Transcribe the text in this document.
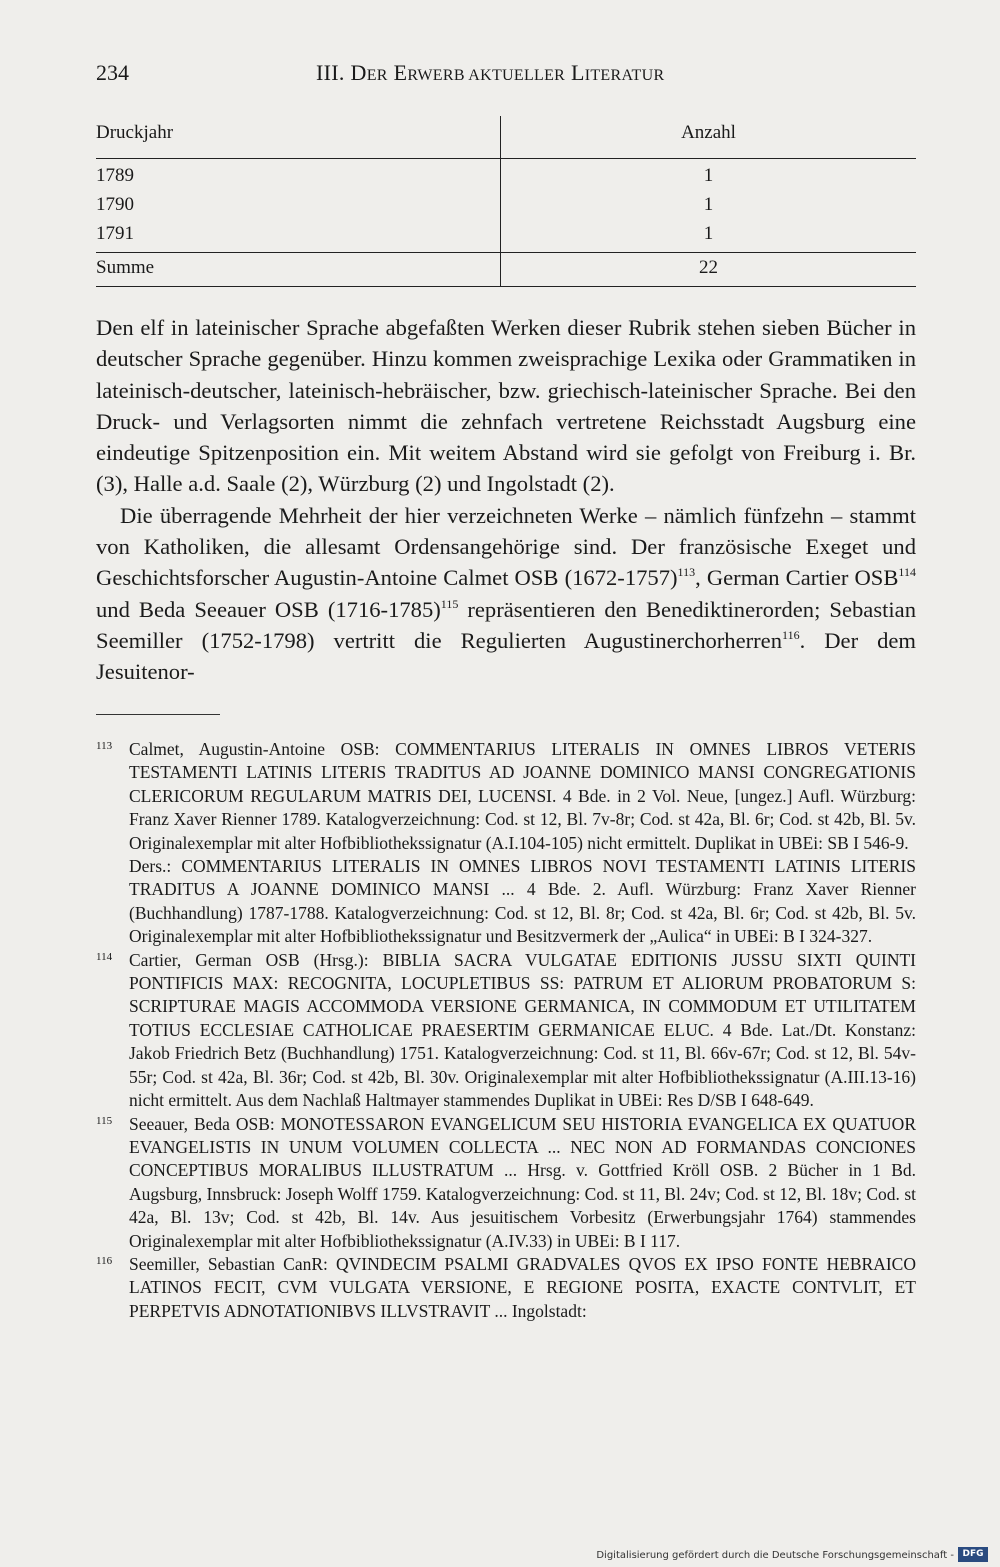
234	III. DER ERWERB AKTUELLER LITERATUR
Druckjahr	Anzahl
1789	1
1790	1
1791	1
Summe	22

Den elf in lateinischer Sprache abgefaßten Werken dieser Rubrik stehen sieben Bücher in deutscher Sprache gegenüber. Hinzu kommen zweisprachige Lexika oder Grammatiken in lateinisch-deutscher, lateinisch-hebräischer, bzw. griechisch-lateinischer Sprache. Bei den Druck- und Verlagsorten nimmt die zehnfach vertretene Reichsstadt Augsburg eine eindeutige Spitzenposition ein. Mit weitem Abstand wird sie gefolgt von Freiburg i. Br. (3), Halle a.d. Saale (2), Würzburg (2) und Ingolstadt (2).

Die überragende Mehrheit der hier verzeichneten Werke – nämlich fünfzehn – stammt von Katholiken, die allesamt Ordensangehörige sind. Der französische Exeget und Geschichtsforscher Augustin-Antoine Calmet OSB (1672-1757)$^{113}$, German Cartier OSB$^{114}$ und Beda Seeauer OSB (1716-1785)$^{115}$ repräsentieren den Benediktinerorden; Sebastian Seemiller (1752-1798) vertritt die Regulierten Augustinerchorherren$^{116}$. Der dem Jesuitenor-

113 Calmet, Augustin-Antoine OSB: COMMENTARIUS LITERALIS IN OMNES LIBROS VETERIS TESTAMENTI LATINIS LITERIS TRADITUS AD JOANNE DOMINICO MANSI CONGREGATIONIS CLERICORUM REGULARUM MATRIS DEI, LUCENSI. 4 Bde. in 2 Vol. Neue, [ungez.] Aufl. Würzburg: Franz Xaver Rienner 1789. Katalogverzeichnung: Cod. st 12, Bl. 7v-8r; Cod. st 42a, Bl. 6r; Cod. st 42b, Bl. 5v. Originalexemplar mit alter Hofbibliothekssignatur (A.I.104-105) nicht ermittelt. Duplikat in UBEi: SB I 546-9.

Ders.: COMMENTARIUS LITERALIS IN OMNES LIBROS NOVI TESTAMENTI LATINIS LITERIS TRADITUS A JOANNE DOMINICO MANSI ... 4 Bde. 2. Aufl. Würzburg: Franz Xaver Rienner (Buchhandlung) 1787-1788. Katalogverzeichnung: Cod. st 12, Bl. 8r; Cod. st 42a, Bl. 6r; Cod. st 42b, Bl. 5v. Originalexemplar mit alter Hofbibliothekssignatur und Besitzvermerk der „Aulica“ in UBEi: B I 324-327.

114 Cartier, German OSB (Hrsg.): BIBLIA SACRA VULGATAE EDITIONIS JUSSU SIXTI QUINTI PONTIFICIS MAX: RECOGNITA, LOCUPLETIBUS SS: PATRUM ET ALIORUM PROBATORUM S: SCRIPTURAE MAGIS ACCOMMODA VERSIONE GERMANICA, IN COMMODUM ET UTILITATEM TOTIUS ECCLESIAE CATHOLICAE PRAESERTIM GERMANICAE ELUC. 4 Bde. Lat./Dt. Konstanz: Jakob Friedrich Betz (Buchhandlung) 1751. Katalogverzeichnung: Cod. st 11, Bl. 66v-67r; Cod. st 12, Bl. 54v-55r; Cod. st 42a, Bl. 36r; Cod. st 42b, Bl. 30v. Originalexemplar mit alter Hofbibliothekssignatur (A.III.13-16) nicht ermittelt. Aus dem Nachlaß Haltmayer stammendes Duplikat in UBEi: Res D/SB I 648-649.

115 Seeauer, Beda OSB: MONOTESSARON EVANGELICUM SEU HISTORIA EVANGELICA EX QUATUOR EVANGELISTIS IN UNUM VOLUMEN COLLECTA ... NEC NON AD FORMANDAS CONCIONES CONCEPTIBUS MORALIBUS ILLUSTRATUM ... Hrsg. v. Gottfried Kröll OSB. 2 Bücher in 1 Bd. Augsburg, Innsbruck: Joseph Wolff 1759. Katalogverzeichnung: Cod. st 11, Bl. 24v; Cod. st 12, Bl. 18v; Cod. st 42a, Bl. 13v; Cod. st 42b, Bl. 14v. Aus jesuitischem Vorbesitz (Erwerbungsjahr 1764) stammendes Originalexemplar mit alter Hofbibliothekssignatur (A.IV.33) in UBEi: B I 117.

116 Seemiller, Sebastian CanR: QVINDECIM PSALMI GRADVALES QVOS EX IPSO FONTE HEBRAICO LATINOS FECIT, CVM VULGATA VERSIONE, E REGIONE POSITA, EXACTE CONTVLIT, ET PERPETVIS ADNOTATIONIBVS ILLVSTRAVIT ... Ingolstadt:

Digitalisierung gefördert durch die Deutsche Forschungsgemeinschaft - DFG
